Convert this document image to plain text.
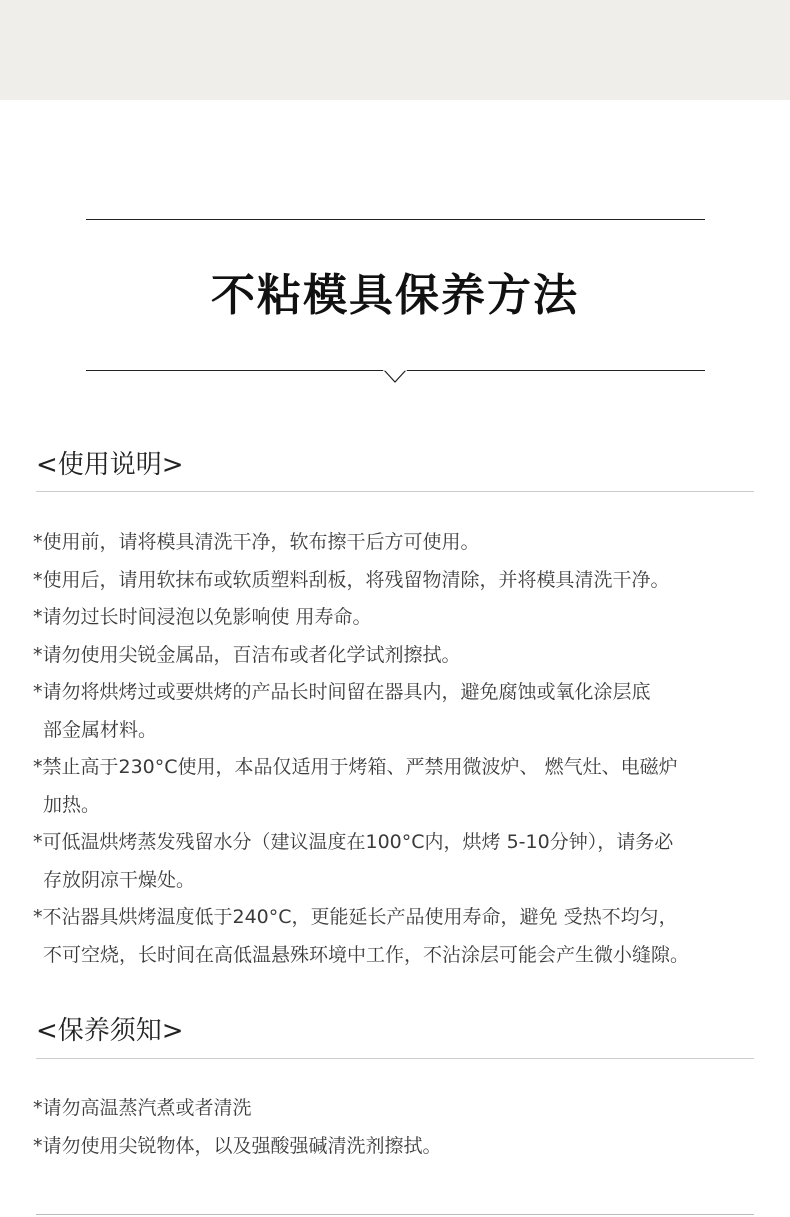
不粘模具保养方法
<使用说明>
*使用前，请将模具清洗干净，软布擦干后方可使用。
*使用后，请用软抹布或软质塑料刮板，将残留物清除，并将模具清洗干净。
*请勿过长时间浸泡以免影响使 用寿命。
*请勿使用尖锐金属品，百洁布或者化学试剂擦拭。
*请勿将烘烤过或要烘烤的产品长时间留在器具内，避免腐蚀或氧化涂层底
部金属材料。
*禁止高于230°C使用，本品仅适用于烤箱、严禁用微波炉、 燃气灶、电磁炉
加热。
*可低温烘烤蒸发残留水分（建议温度在100°C内，烘烤 5-10分钟），请务必
存放阴凉干燥处。
*不沾器具烘烤温度低于240°C，更能延长产品使用寿命，避免 受热不均匀，
不可空烧，长时间在高低温悬殊环境中工作，不沾涂层可能会产生微小缝隙。
<保养须知>
*请勿高温蒸汽煮或者清洗
*请勿使用尖锐物体，以及强酸强碱清洗剂擦拭。
